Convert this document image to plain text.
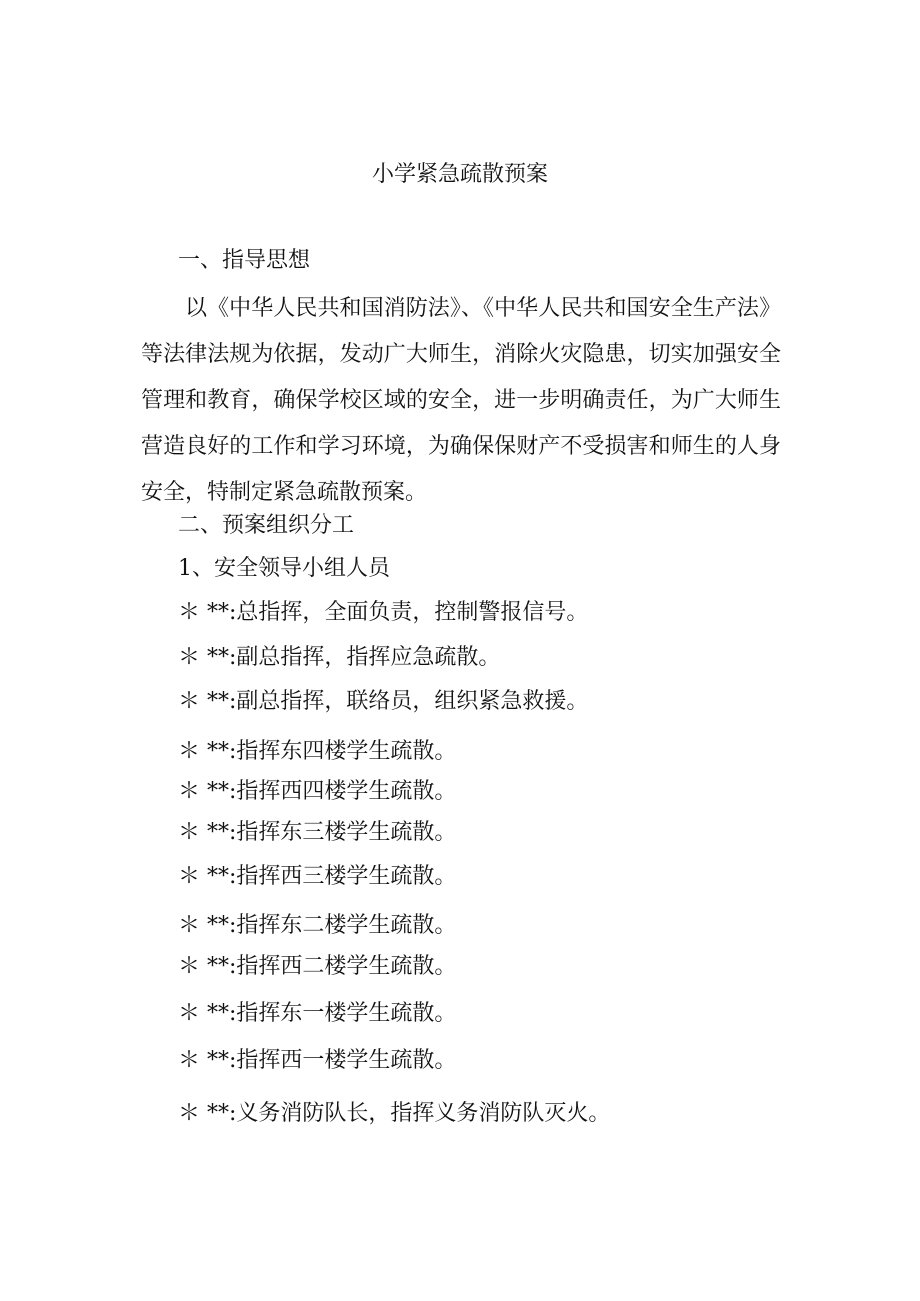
小学紧急疏散预案
一、指导思想
以《中华人民共和国消防法》、《中华人民共和国安全生产法》等法律法规为依据，发动广大师生，消除火灾隐患，切实加强安全管理和教育，确保学校区域的安全，进一步明确责任，为广大师生营造良好的工作和学习环境，为确保保财产不受损害和师生的人身安全，特制定紧急疏散预案。
二、预案组织分工
1、安全领导小组人员
＊ **:总指挥，全面负责，控制警报信号。
＊ **:副总指挥，指挥应急疏散。
＊ **:副总指挥，联络员，组织紧急救援。
＊ **:指挥东四楼学生疏散。
＊ **:指挥西四楼学生疏散。
＊ **:指挥东三楼学生疏散。
＊ **:指挥西三楼学生疏散。
＊ **:指挥东二楼学生疏散。
＊ **:指挥西二楼学生疏散。
＊ **:指挥东一楼学生疏散。
＊ **:指挥西一楼学生疏散。
＊ **:义务消防队长，指挥义务消防队灭火。
